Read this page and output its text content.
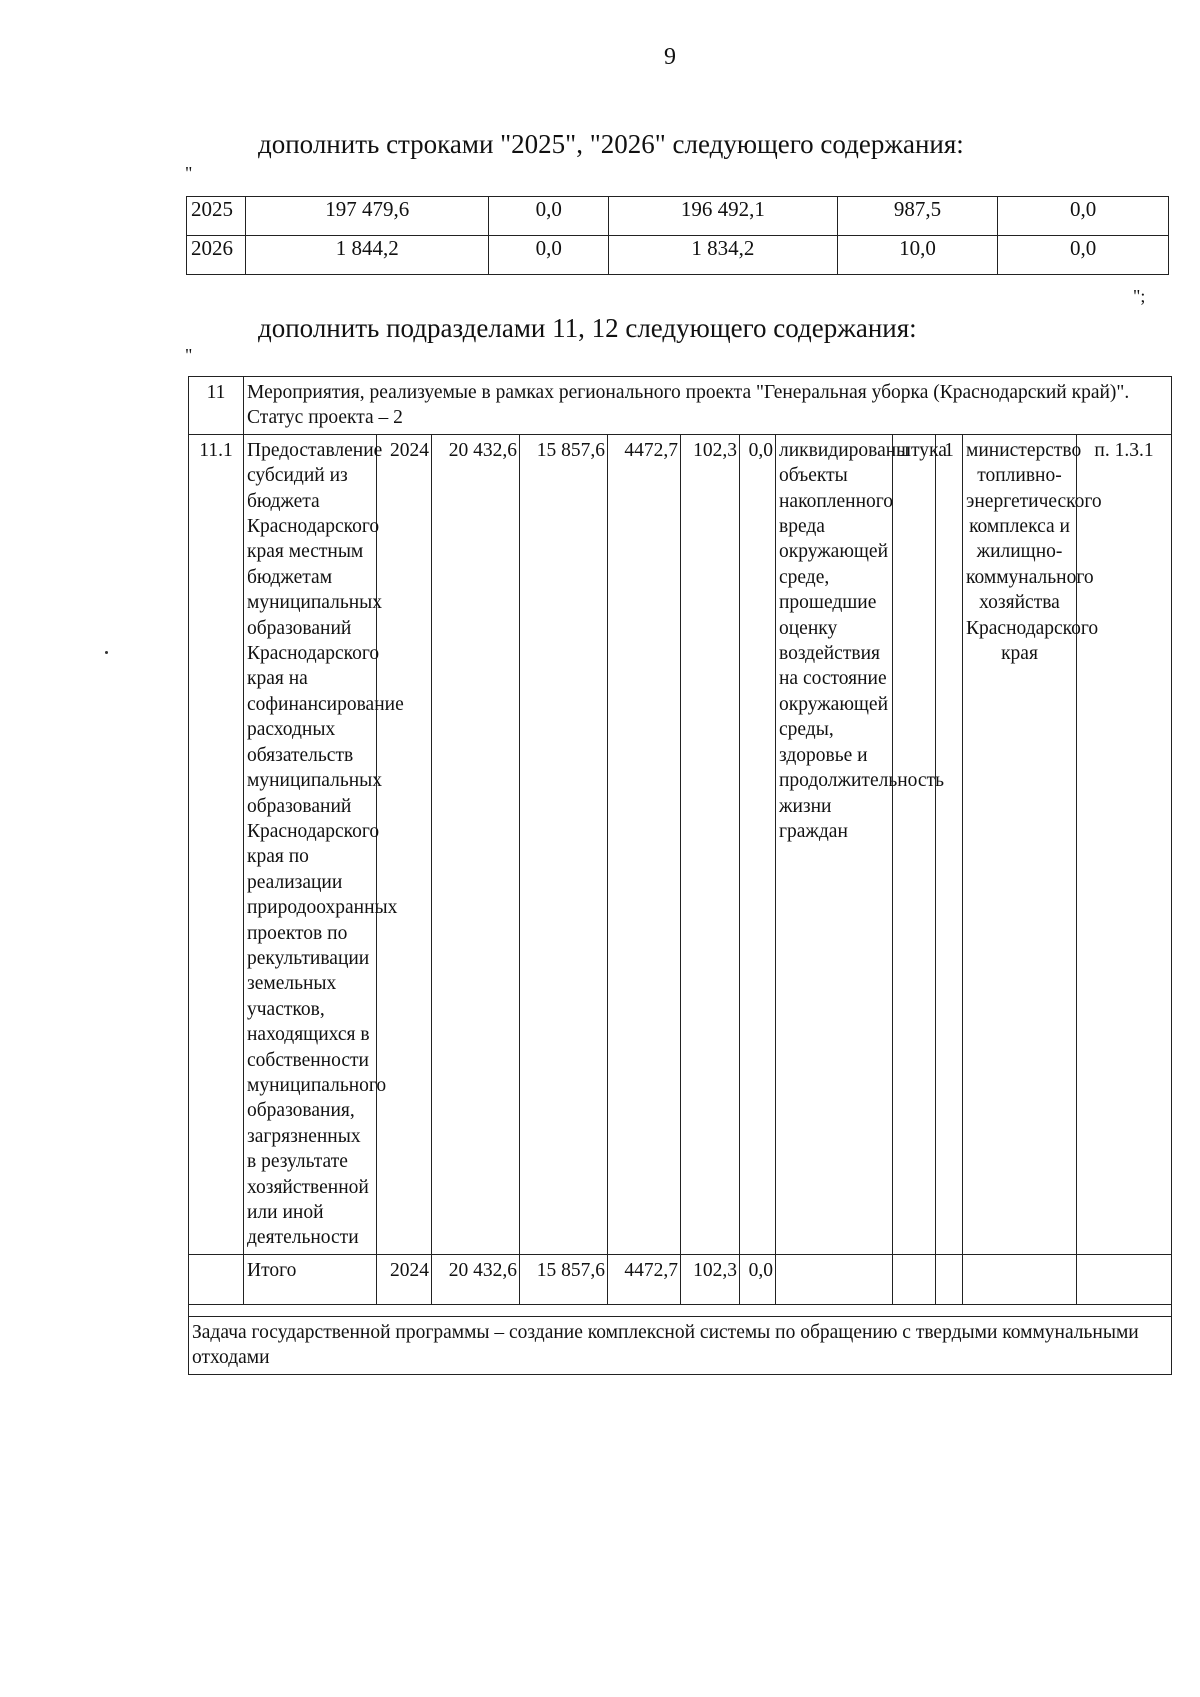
9
дополнить строками "2025", "2026" следующего содержания:
"
2025	197 479,6	0,0	196 492,1	987,5	0,0
2026	1 844,2	0,0	1 834,2	10,0	0,0
";
дополнить подразделами 11, 12 следующего содержания:
"
11	Мероприятия, реализуемые в рамках регионального проекта "Генеральная уборка (Краснодарский край)". Статус проекта – 2											
11.1	Предоставление субсидий из бюджета Краснодарского края местным бюджетам муниципальных образований Краснодарского края на софинансирование расходных обязательств муниципальных образований Краснодарского края по реализации природоохранных проектов по рекультивации земельных участков, находящихся в собственности муниципального образования, загрязненных в результате хозяйственной или иной деятельности	2024	20 432,6	15 857,6	4472,7	102,3	0,0	ликвидированы объекты накопленного вреда окружающей среде, прошедшие оценку воздействия на состояние окружающей среды, здоровье и продолжительность жизни граждан	штука	1	министерство топливно-энергетического комплекса и жилищно-коммунального хозяйства Краснодарского края	п. 1.3.1
	Итого	2024	20 432,6	15 857,6	4472,7	102,3	0,0					

Задача государственной программы – создание комплексной системы по обращению с твердыми коммунальными отходами												
